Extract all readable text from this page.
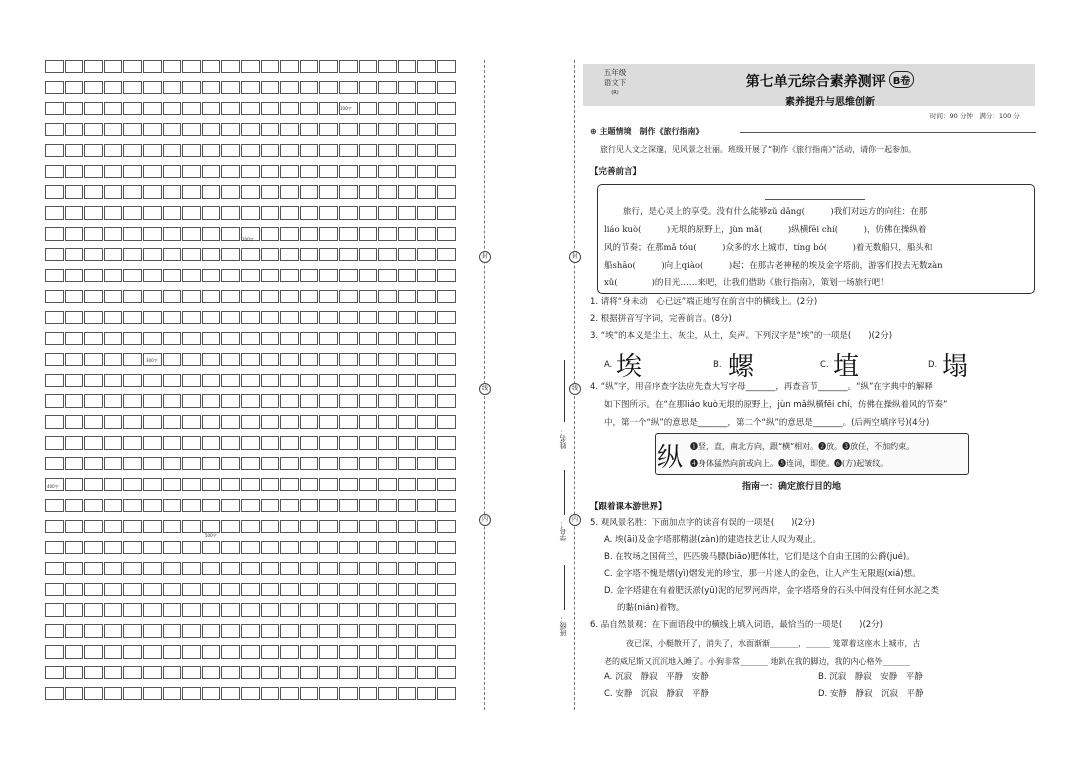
100字
200字
300字
400字
500字
封
线
内
封
线
内
姓名：
学号：
班级：
五年级
语文下
(R)
第七单元综合素养测评 B卷
素养提升与思维创新
时间：90 分钟　满分：100 分
⊕ 主题情境　制作《旅行指南》
旅行见人文之深邃，见风景之壮丽。班级开展了“制作《旅行指南》”活动，请你一起参加。
【完善前言】
旅行，是心灵上的享受。没有什么能够zǔ dǎng(　　　)我们对远方的向往：在那
liáo kuò(　　　)无垠的原野上，jùn mǎ(　　　)纵横fēi chí(　　　)，仿佛在操纵着
风的节奏；在那mǎ tóu(　　　)众多的水上城市，tíng bó(　　　)着无数船只，船头和
船shāo(　　　)向上qiào(　　　)起；在那古老神秘的埃及金字塔前，游客们投去无数zàn
xǔ(　　　　)的目光……来吧，让我们借助《旅行指南》，策划一场旅行吧！
1. 请将“身未动　心已远”端正地写在前言中的横线上。(2分)
2. 根据拼音写字词，完善前言。(8分)
3. “埃”的本义是尘土、灰尘，从土，矣声。下列汉字是“埃”的一项是(　　)(2分)
A. 埃	B. 螺	C. 埴	D. 塌
4. “纵”字，用音序查字法应先查大写字母_______，再查音节_______。“纵”在字典中的解释
如下图所示。在“在那liáo kuò无垠的原野上，jùn mǎ纵横fēi chí，仿佛在操纵着风的节奏”
中，第一个“纵”的意思是_______，第二个“纵”的意思是_______。(后两空填序号)(4分)
纵 ❶竖，直，南北方向，跟“横”相对。❷放。❸放任，不加约束。
❹身体猛然向前或向上。❺连词，即使。❻(方)起皱纹。
指南一：确定旅行目的地
【跟着课本游世界】
5. 观风景名胜：下面加点字的读音有误的一项是(　　)(2分)
A. 埃(āi)及金字塔那精湛(zàn)的建造技艺让人叹为观止。
B. 在牧场之国荷兰，匹匹骏马膘(biāo)肥体壮，它们是这个自由王国的公爵(jué)。
C. 金字塔不愧是熠(yì)熠发光的珍宝，那一片迷人的金色，让人产生无限遐(xiá)想。
D. 金字塔建在有着肥沃淤(yū)泥的尼罗河西岸，金字塔塔身的石头中间没有任何水泥之类
的黏(nián)着物。
6. 品自然景观：在下面语段中的横线上填入词语，最恰当的一项是(　　)(2分)
夜已深，小艇散开了，消失了，水面渐渐_______，______ 笼罩着这座水上城市，古
老的威尼斯又沉沉地入睡了。小狗非常_______ 地趴在我的脚边，我的内心格外_______
A. 沉寂　静寂　平静　安静	B. 沉寂　静寂　安静　平静
C. 安静　沉寂　静寂　平静	D. 安静　静寂　沉寂　平静
